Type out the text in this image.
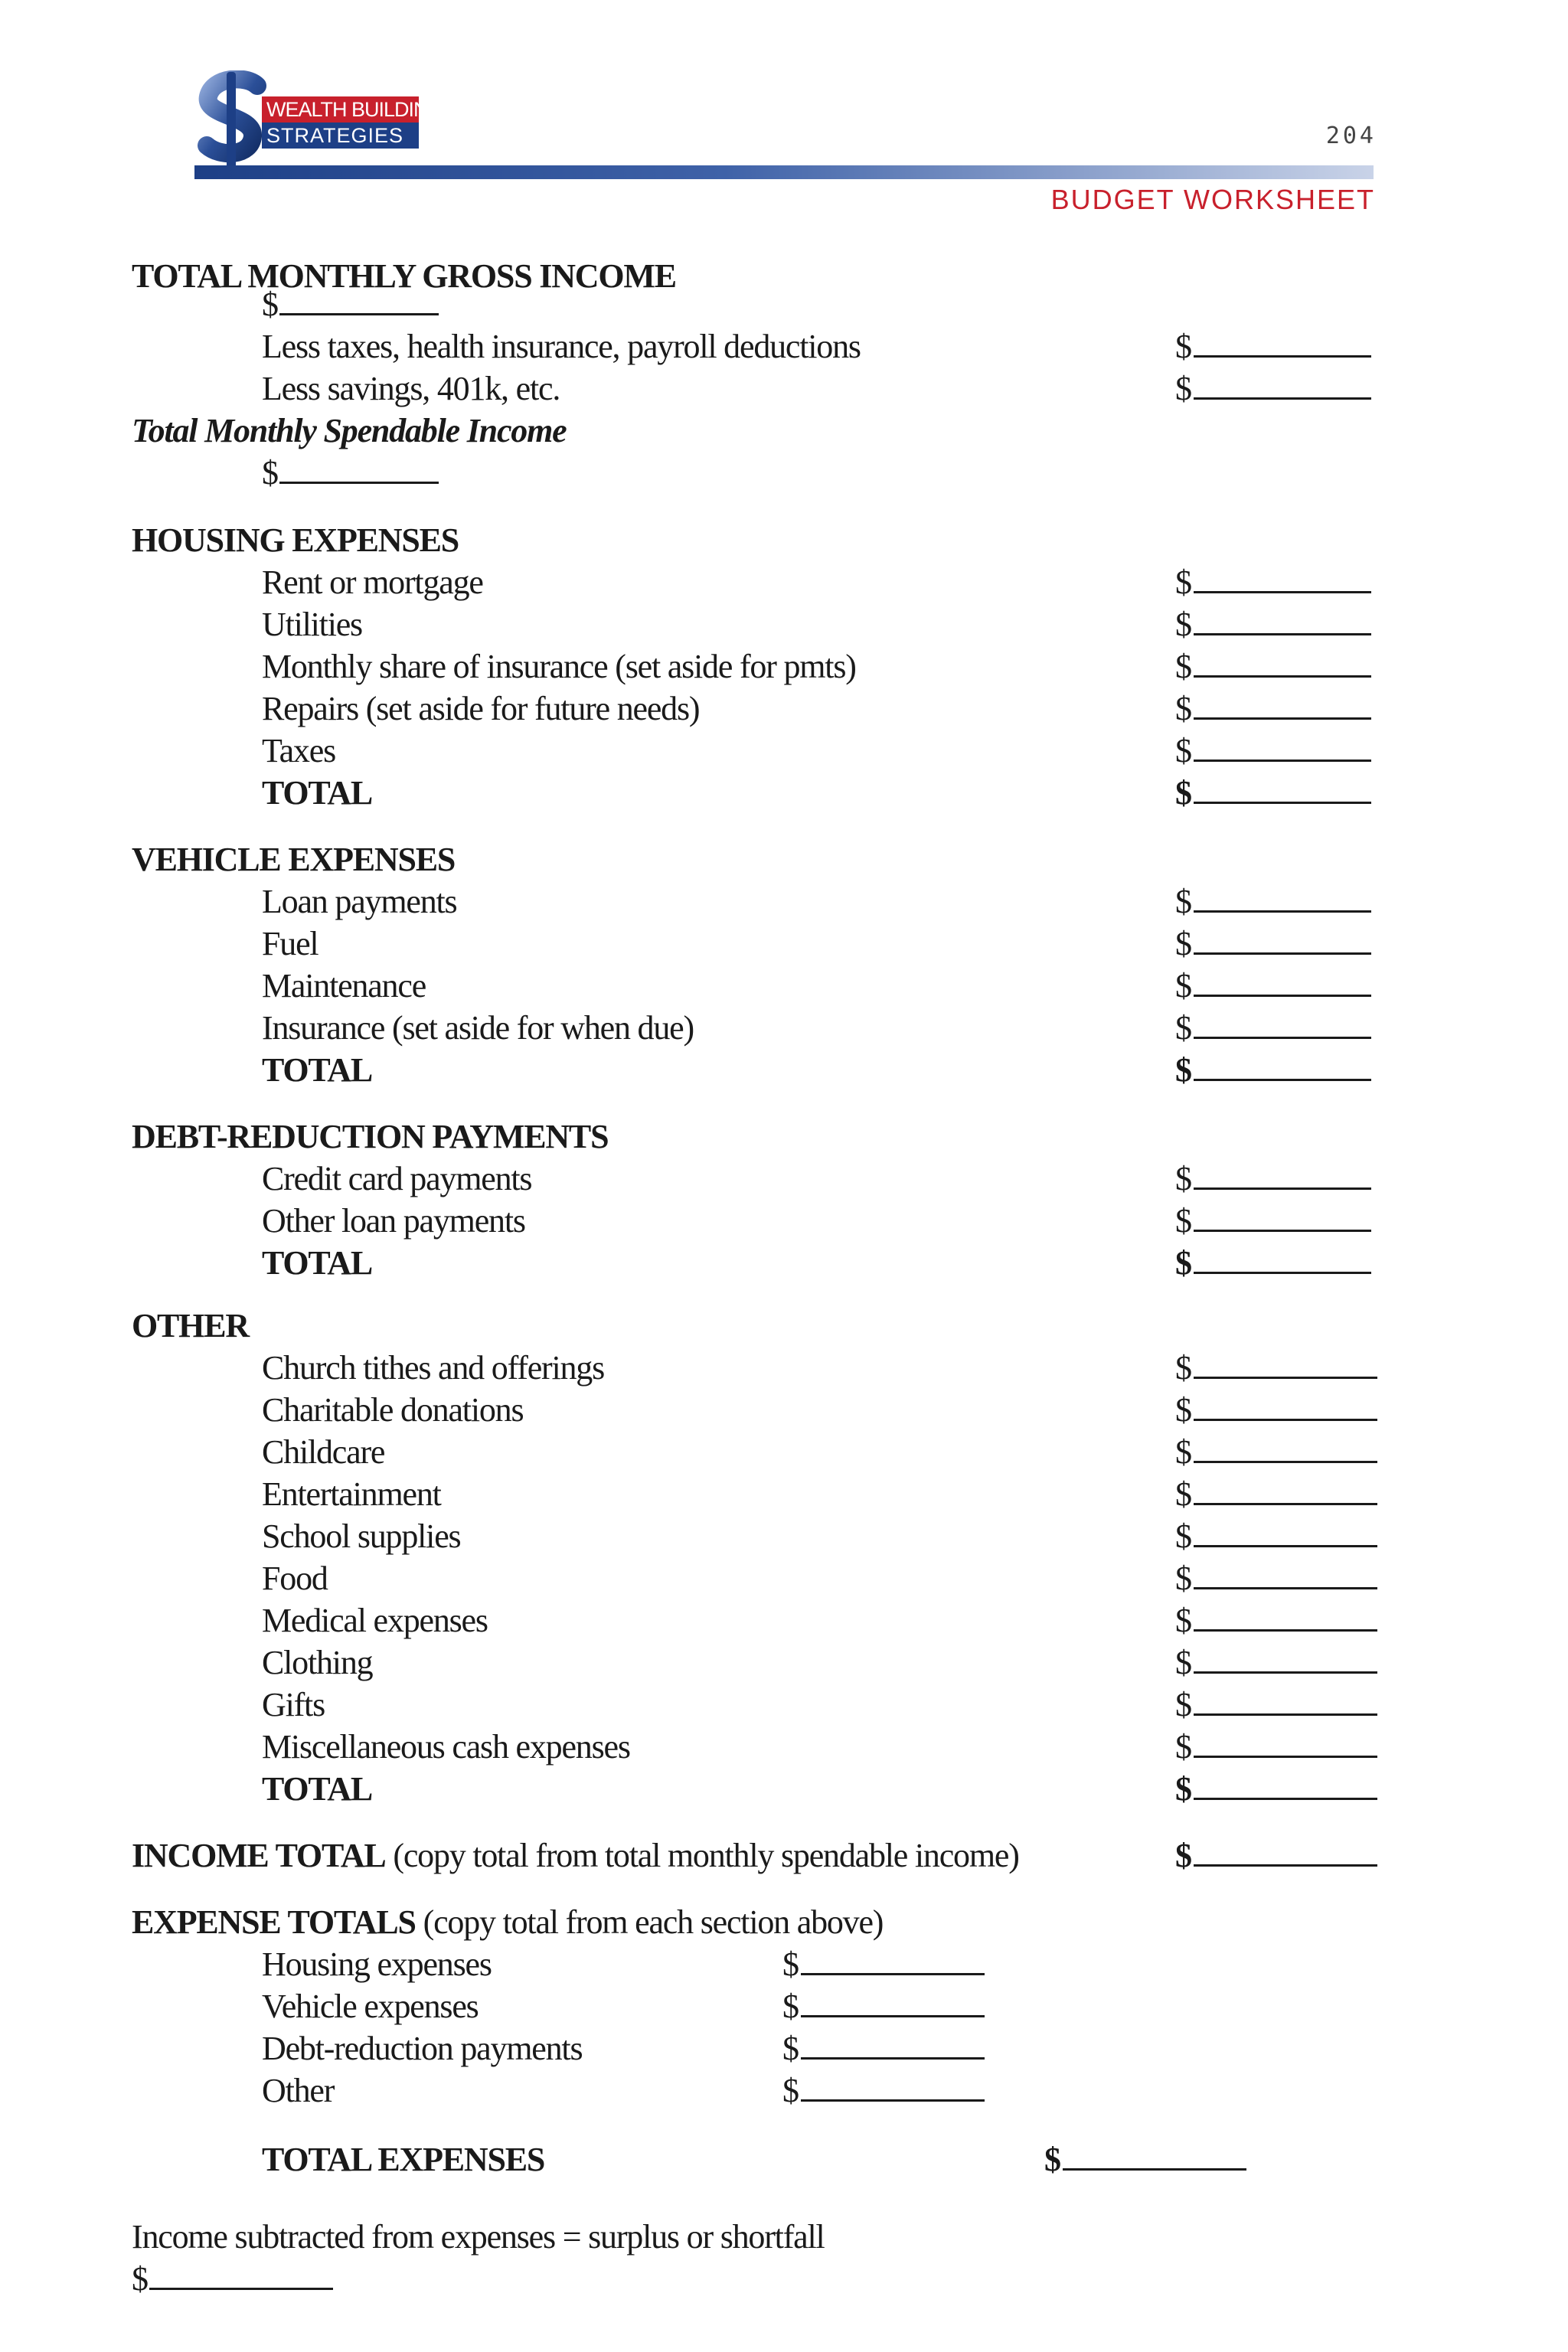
WEALTH BUILDING
STRATEGIES	204
BUDGET WORKSHEET
TOTAL MONTHLY GROSS INCOME
$
Less taxes, health insurance, payroll deductions	$
Less savings, 401k, etc.	$
Total Monthly Spendable Income
$
HOUSING EXPENSES
Rent or mortgage	$
Utilities	$
Monthly share of insurance (set aside for pmts)	$
Repairs (set aside for future needs)	$
Taxes	$
TOTAL	$
VEHICLE EXPENSES
Loan payments	$
Fuel	$
Maintenance	$
Insurance (set aside for when due)	$
TOTAL	$
DEBT-REDUCTION PAYMENTS
Credit card payments	$
Other loan payments	$
TOTAL	$
OTHER
Church tithes and offerings	$
Charitable donations	$
Childcare	$
Entertainment	$
School supplies	$
Food	$
Medical expenses	$
Clothing	$
Gifts	$
Miscellaneous cash expenses	$
TOTAL	$
INCOME TOTAL (copy total from total monthly spendable income)	$
EXPENSE TOTALS (copy total from each section above)
Housing expenses	$
Vehicle expenses	$
Debt-reduction payments	$
Other	$
TOTAL EXPENSES	$
Income subtracted from expenses = surplus or shortfall
$
